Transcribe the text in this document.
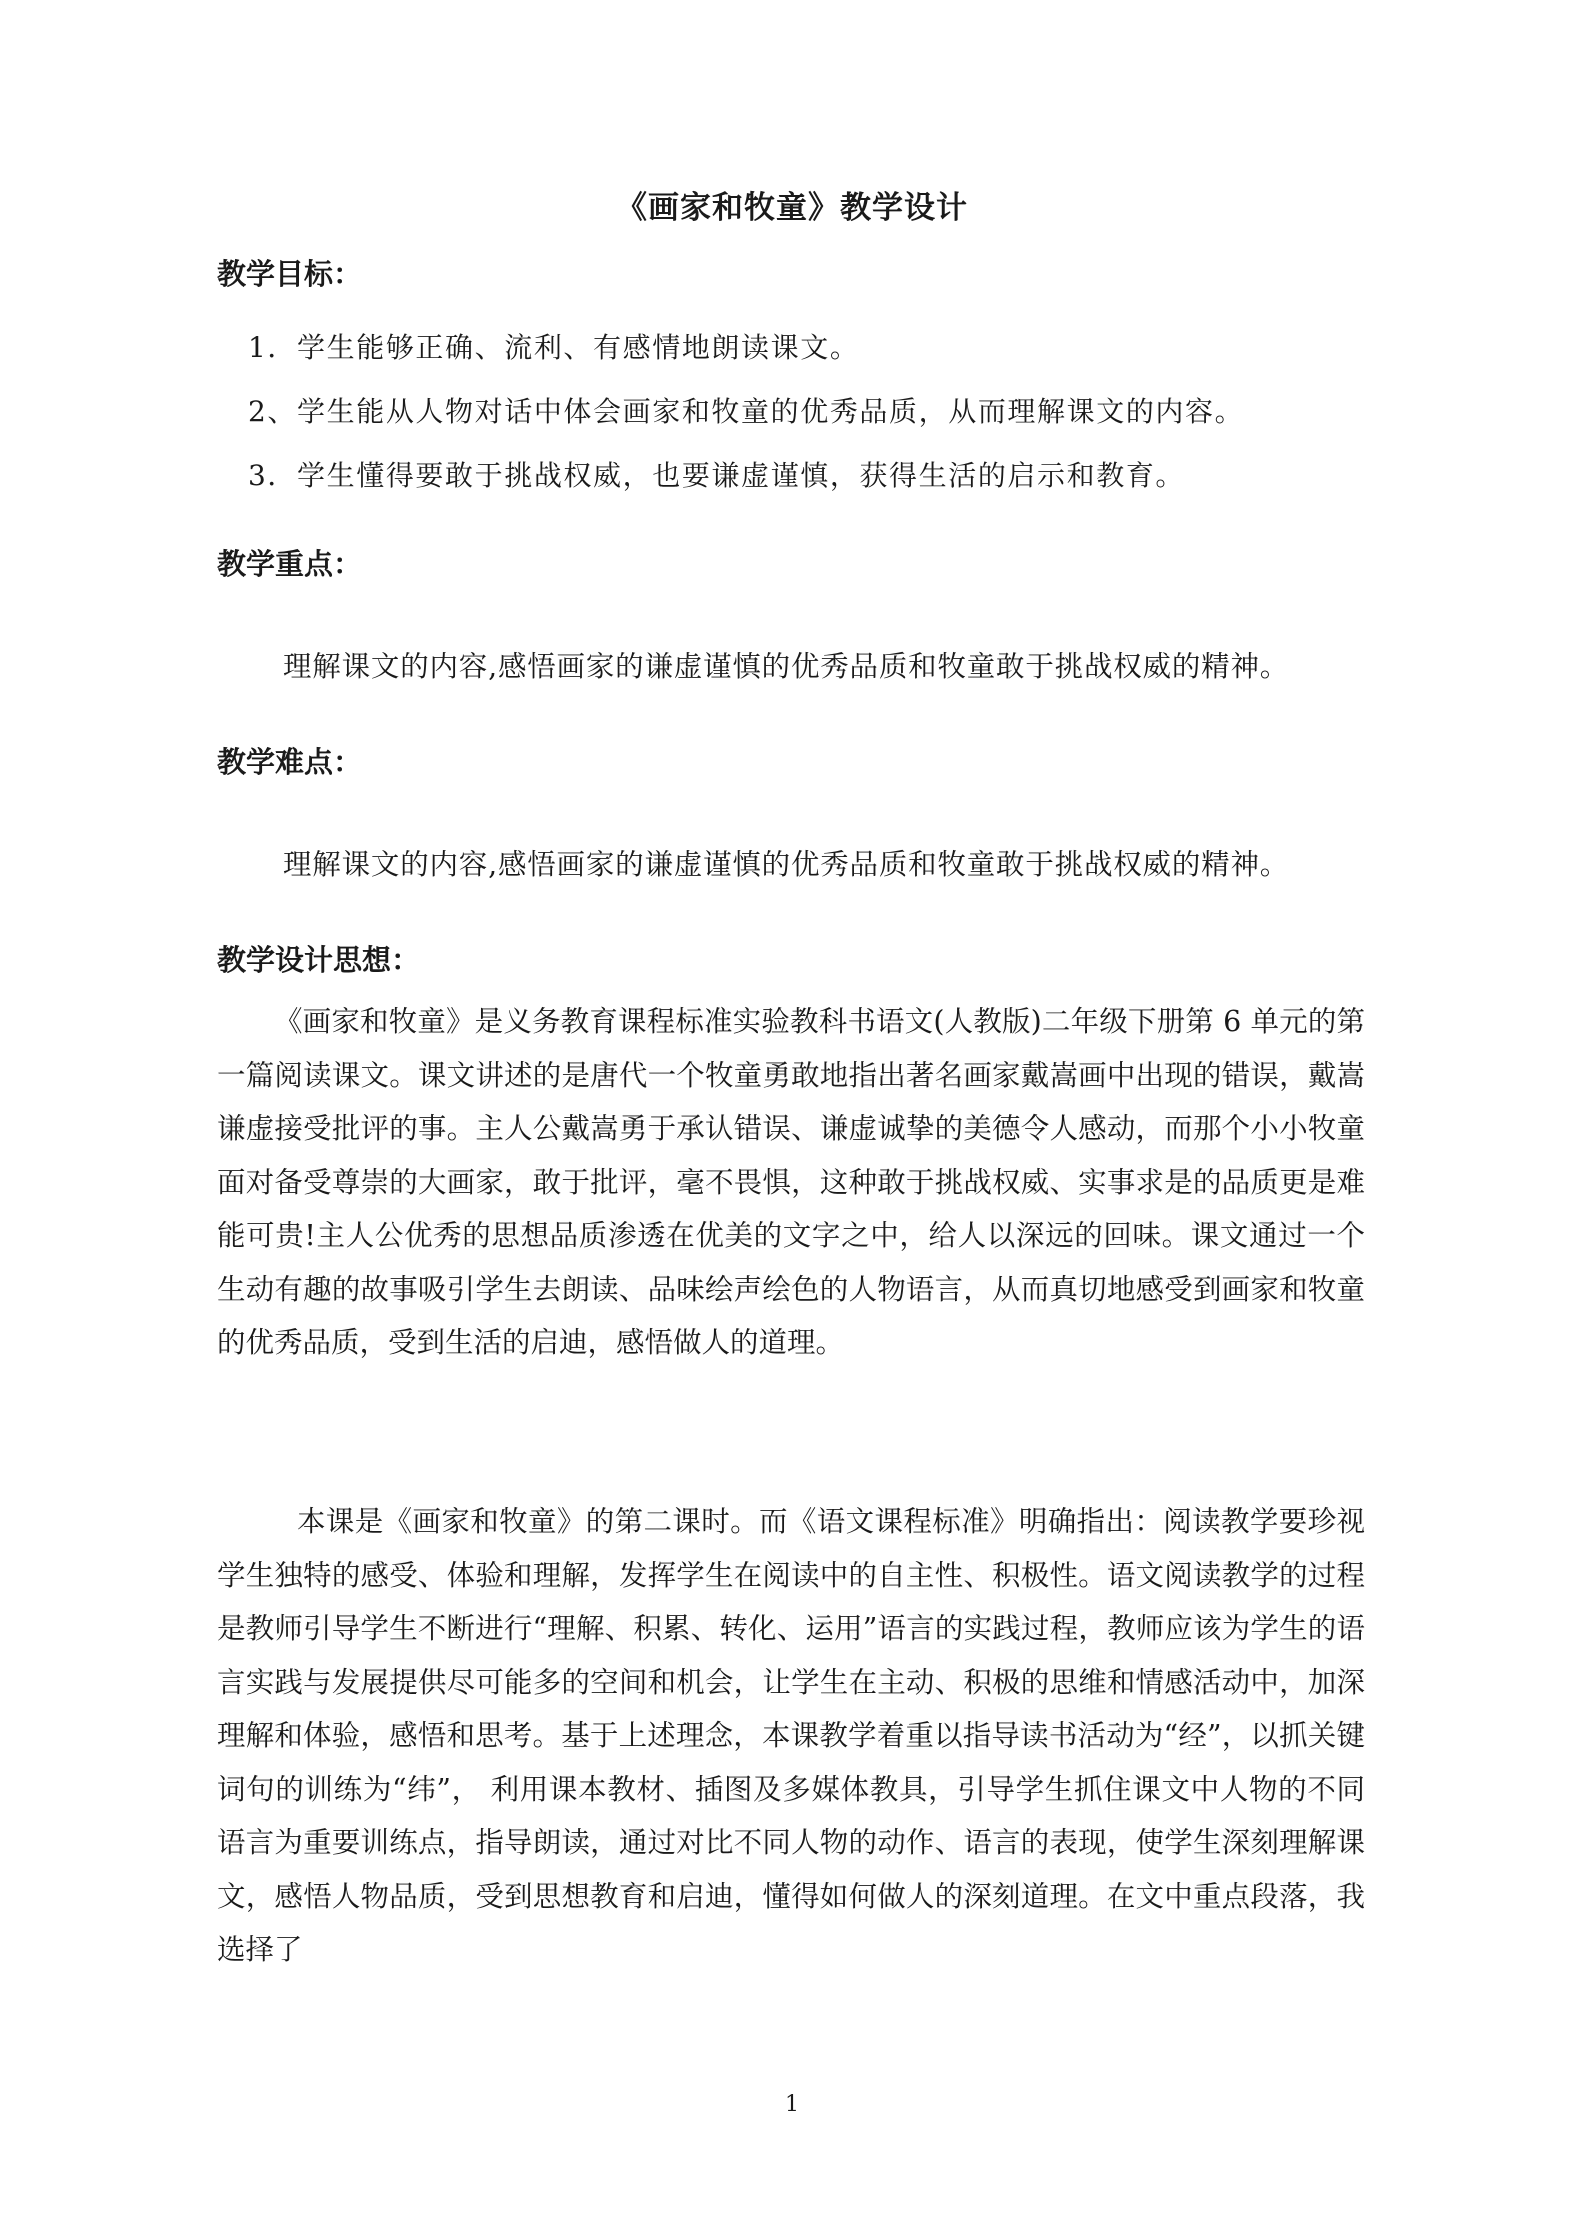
《画家和牧童》教学设计
教学目标：
1．学生能够正确、流利、有感情地朗读课文。
2、学生能从人物对话中体会画家和牧童的优秀品质，从而理解课文的内容。
3．学生懂得要敢于挑战权威，也要谦虚谨慎，获得生活的启示和教育。
教学重点：
理解课文的内容,感悟画家的谦虚谨慎的优秀品质和牧童敢于挑战权威的精神。
教学难点：
理解课文的内容,感悟画家的谦虚谨慎的优秀品质和牧童敢于挑战权威的精神。
教学设计思想：
《画家和牧童》是义务教育课程标准实验教科书语文(人教版)二年级下册第 6 单元的第一篇阅读课文。课文讲述的是唐代一个牧童勇敢地指出著名画家戴嵩画中出现的错误，戴嵩谦虚接受批评的事。主人公戴嵩勇于承认错误、谦虚诚挚的美德令人感动，而那个小小牧童面对备受尊崇的大画家，敢于批评，毫不畏惧，这种敢于挑战权威、实事求是的品质更是难能可贵!主人公优秀的思想品质渗透在优美的文字之中，给人以深远的回味。课文通过一个生动有趣的故事吸引学生去朗读、品味绘声绘色的人物语言，从而真切地感受到画家和牧童的优秀品质，受到生活的启迪，感悟做人的道理。
本课是《画家和牧童》的第二课时。而《语文课程标准》明确指出：阅读教学要珍视学生独特的感受、体验和理解，发挥学生在阅读中的自主性、积极性。语文阅读教学的过程是教师引导学生不断进行“理解、积累、转化、运用”语言的实践过程，教师应该为学生的语言实践与发展提供尽可能多的空间和机会，让学生在主动、积极的思维和情感活动中，加深理解和体验，感悟和思考。基于上述理念，本课教学着重以指导读书活动为“经”，以抓关键词句的训练为“纬”， 利用课本教材、插图及多媒体教具，引导学生抓住课文中人物的不同语言为重要训练点，指导朗读，通过对比不同人物的动作、语言的表现，使学生深刻理解课文，感悟人物品质，受到思想教育和启迪，懂得如何做人的深刻道理。在文中重点段落，我选择了
1
